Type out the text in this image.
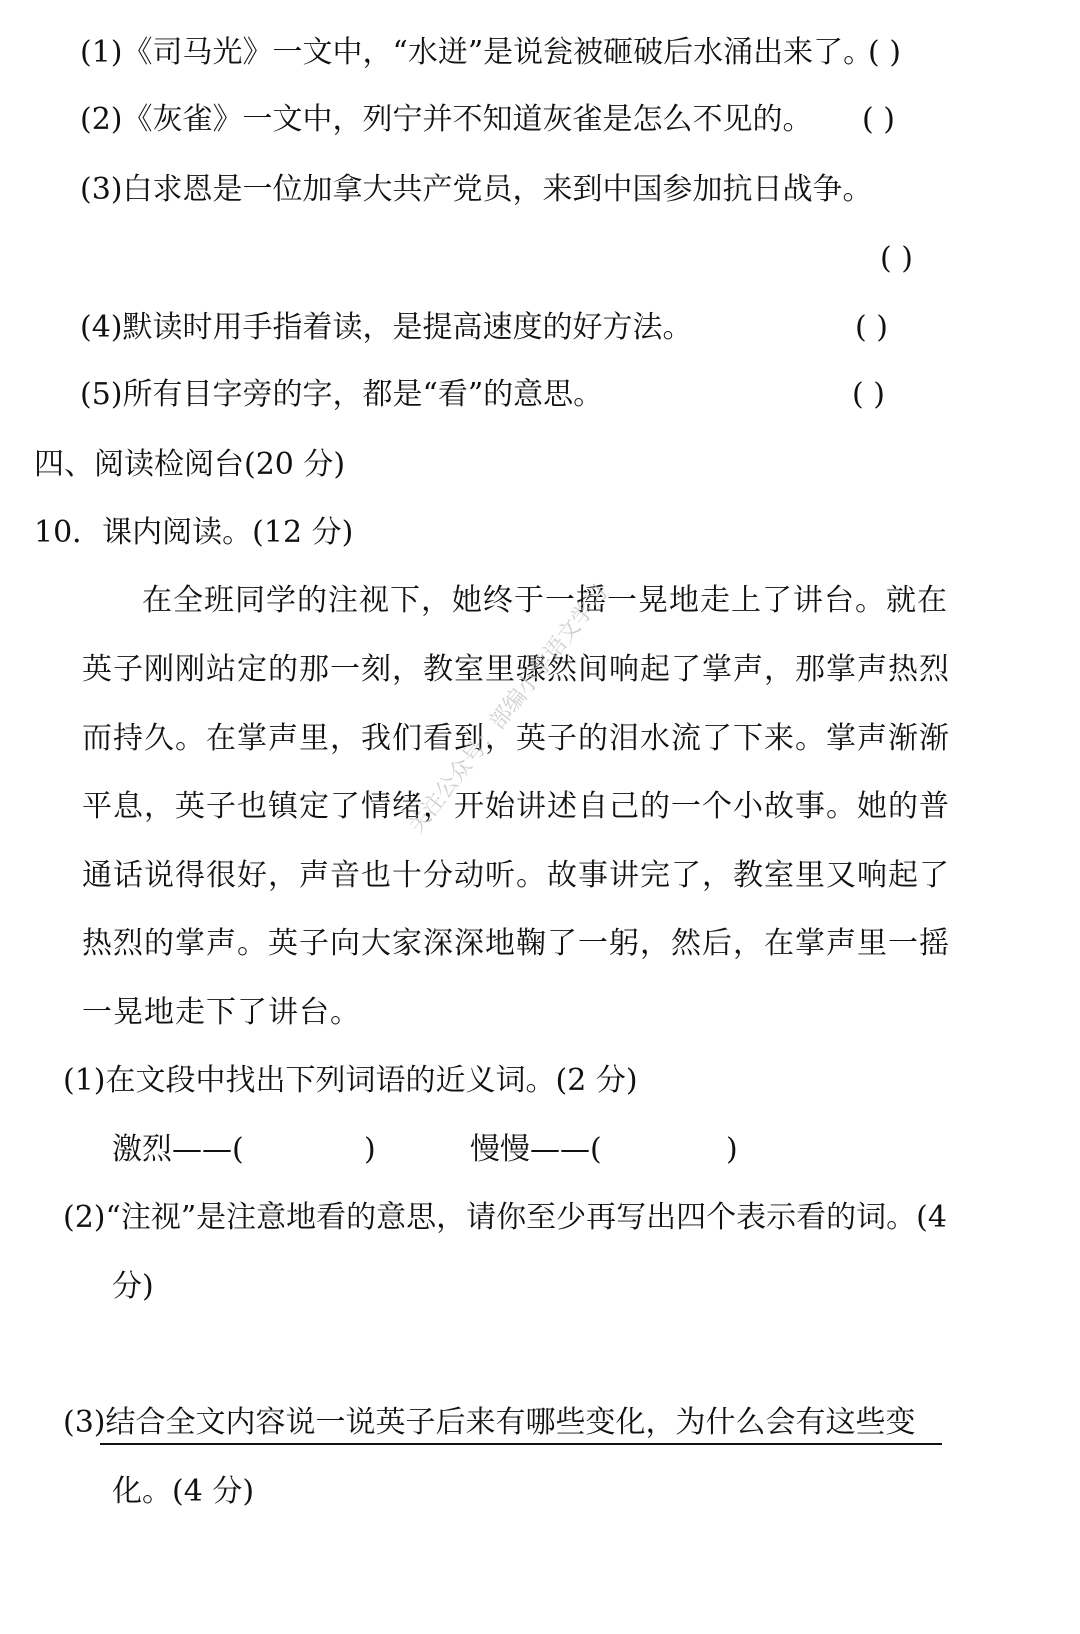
(1)《司马光》一文中，“水迸”是说瓮被砸破后水涌出来了。
( )
(2)《灰雀》一文中，列宁并不知道灰雀是怎么不见的。 ( )
(3)白求恩是一位加拿大共产党员，来到中国参加抗日战争。
( )
(4)默读时用手指着读，是提高速度的好方法。	( )
(5)所有目字旁的字，都是“看”的意思。	( )
四、阅读检阅台(20 分)
10．课内阅读。(12 分)
在全班同学的注视下，她终于一摇一晃地走上了讲台。就在
英子刚刚站定的那一刻，教室里骤然间响起了掌声，那掌声热烈
而持久。在掌声里，我们看到，英子的泪水流了下来。掌声渐渐
平息，英子也镇定了情绪，开始讲述自己的一个小故事。她的普
通话说得很好，声音也十分动听。故事讲完了，教室里又响起了
热烈的掌声。英子向大家深深地鞠了一躬，然后，在掌声里一摇
一晃地走下了讲台。
关注公众号：部编小学语文学习
(1)在文段中找出下列词语的近义词。(2 分)
激烈——(	)	慢慢——(	)
(2)“注视”是注意地看的意思，请你至少再写出四个表示看的词。(4
分)
(3)结合全文内容说一说英子后来有哪些变化，为什么会有这些变
化。(4 分)
